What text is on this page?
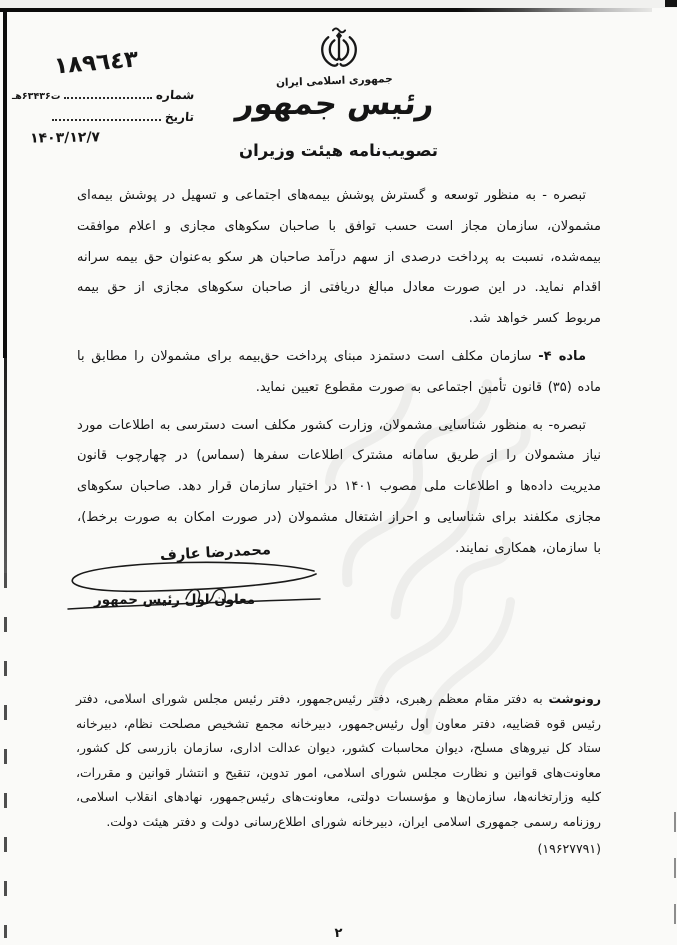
جمهوری اسلامی ایران
رئیس جمهور
تصویب‌نامه هیئت وزیران
۱۸۹٦٤۳
شماره
ت۶۳۴۳۶هـ
تاریخ
۱۴۰۳/۱۲/۷

تبصره - به منظور توسعه و گسترش پوشش بیمه‌های اجتماعی و تسهیل در پوشش بیمه‌ای مشمولان، سازمان مجاز است حسب توافق با صاحبان سکوهای مجازی و اعلام موافقت بیمه‌شده، نسبت به پرداخت درصدی از سهم درآمد صاحبان هر سکو به‌عنوان حق بیمه سرانه اقدام نماید. در این صورت معادل مبالغ دریافتی از صاحبان سکوهای مجازی از حق بیمه مربوط کسر خواهد شد.

ماده ۴- سازمان مکلف است دستمزد مبنای پرداخت حق‌بیمه برای مشمولان را مطابق با ماده (۳۵) قانون تأمین اجتماعی به صورت مقطوع تعیین نماید.

تبصره- به منظور شناسایی مشمولان، وزارت کشور مکلف است دسترسی به اطلاعات مورد نیاز مشمولان را از طریق سامانه مشترک اطلاعات سفرها (سماس) در چهارچوب قانون مدیریت داده‌ها و اطلاعات ملی مصوب ۱۴۰۱ در اختیار سازمان قرار دهد. صاحبان سکوهای مجازی مکلفند برای شناسایی و احراز اشتغال مشمولان (در صورت امکان به صورت برخط)، با سازمان، همکاری نمایند.

محمدرضا عارف
معاون اول رئیس جمهور

رونوشت به دفتر مقام معظم رهبری، دفتر رئیس‌جمهور، دفتر رئیس مجلس شورای اسلامی، دفتر رئیس قوه قضاییه، دفتر معاون اول رئیس‌جمهور، دبیرخانه مجمع تشخیص مصلحت نظام، دبیرخانه ستاد کل نیروهای مسلح، دیوان محاسبات کشور، دیوان عدالت اداری، سازمان بازرسی کل کشور، معاونت‌های قوانین و نظارت مجلس شورای اسلامی، امور تدوین، تنقیح و انتشار قوانین و مقررات، کلیه وزارتخانه‌ها، سازمان‌ها و مؤسسات دولتی، معاونت‌های رئیس‌جمهور، نهادهای انقلاب اسلامی، روزنامه رسمی جمهوری اسلامی ایران، دبیرخانه شورای اطلاع‌رسانی دولت و دفتر هیئت دولت.

(۱۹۶۲۷۷۹۱)
۲
